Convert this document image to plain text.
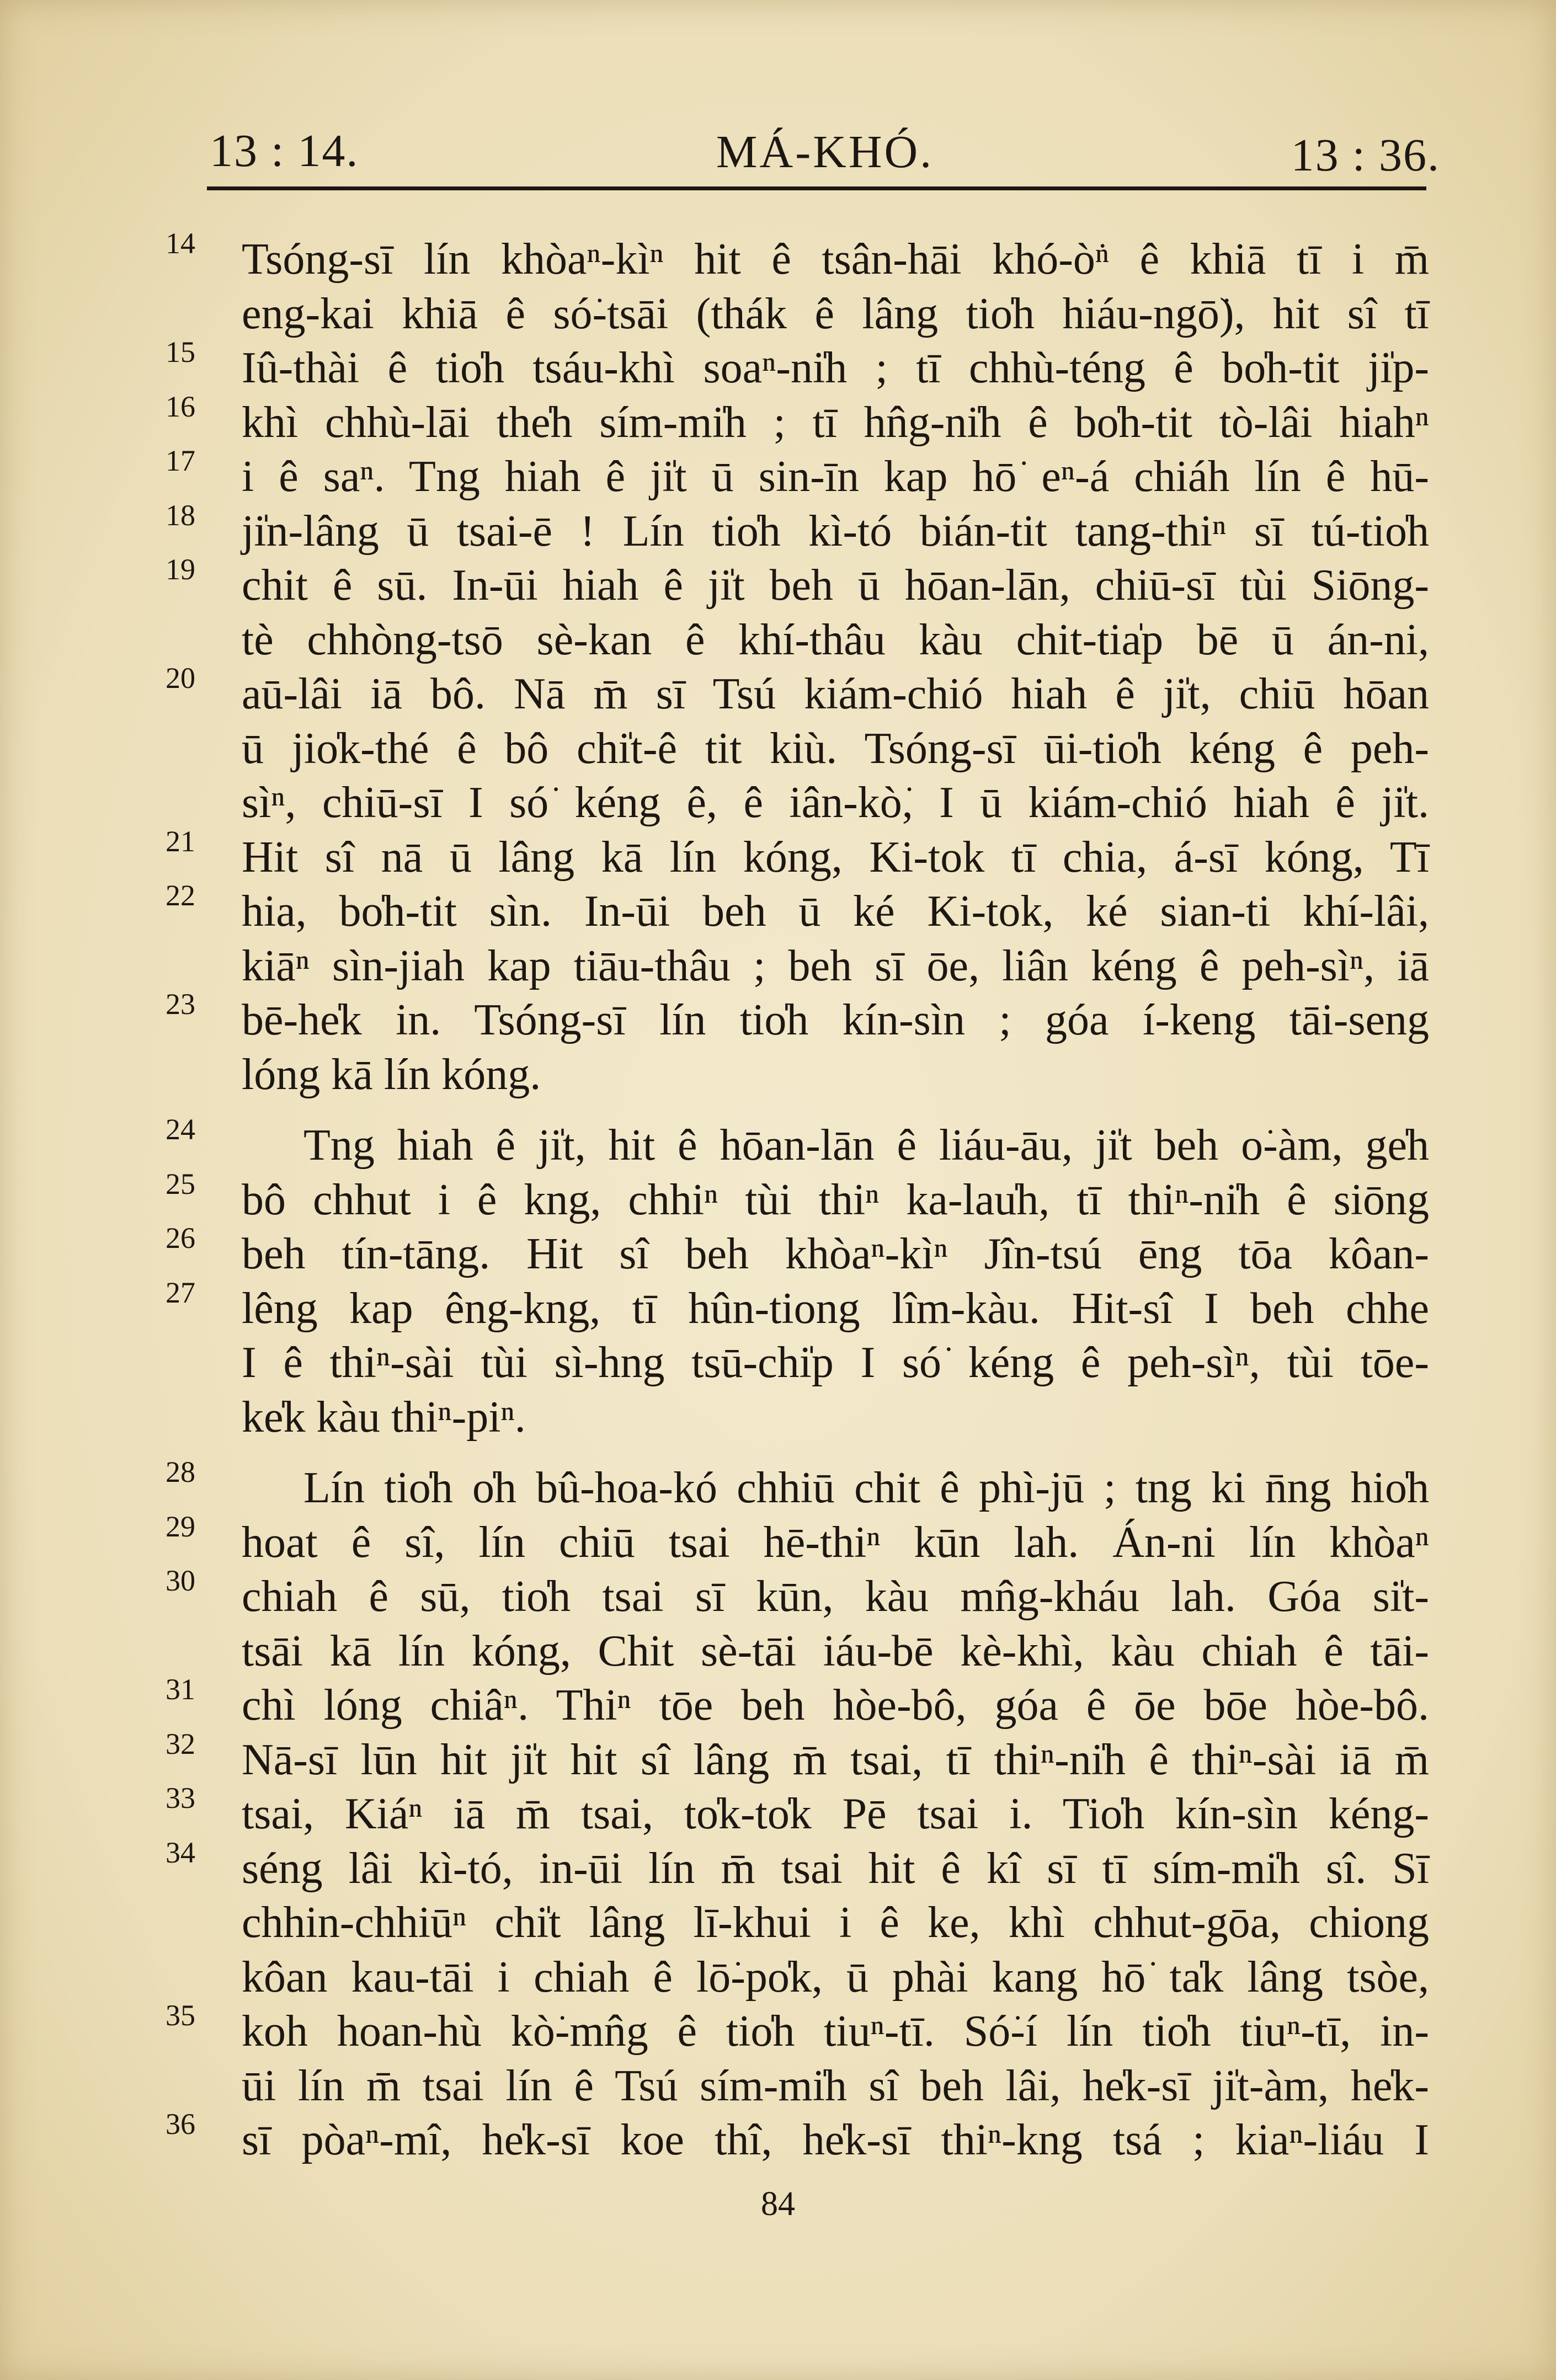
13 : 14.	MÁ-KHÓ.	13 : 36.
14	Tsóng-sī lín khòaⁿ-kìⁿ hit ê tsân-hāi khó-ò͘ⁿ ê khiā tī i m̄
eng-kai khiā ê só͘-tsāi (thák ê lâng tio̍h hiáu-ngō͘), hit sî tī
15	Iû-thài ê tio̍h tsáu-khì soaⁿ-ni̍h ; tī chhù-téng ê bo̍h-tit ji̍p-
16	khì chhù-lāi the̍h sím-mi̍h ; tī hn̂g-ni̍h ê bo̍h-tit tò-lâi hiahⁿ
17	i ê saⁿ. Tng hiah ê ji̍t ū sin-īn kap hō͘ eⁿ-á chiáh lín ê hū-
18	ji̍n-lâng ū tsai-ē ! Lín tio̍h kì-tó bián-tit tang-thiⁿ sī tú-tio̍h
19	chit ê sū. In-ūi hiah ê ji̍t beh ū hōan-lān, chiū-sī tùi Siōng-
tè chhòng-tsō sè-kan ê khí-thâu kàu chit-tia̍p bē ū án-ni,
20	aū-lâi iā bô. Nā m̄ sī Tsú kiám-chió hiah ê ji̍t, chiū hōan
ū jio̍k-thé ê bô chi̍t-ê tit kiù. Tsóng-sī ūi-tio̍h kéng ê peh-
sìⁿ, chiū-sī I só͘ kéng ê, ê iân-kò͘, I ū kiám-chió hiah ê ji̍t.
21	Hit sî nā ū lâng kā lín kóng, Ki-tok tī chia, á-sī kóng, Tī
22	hia, bo̍h-tit sìn. In-ūi beh ū ké Ki-tok, ké sian-ti khí-lâi,
kiāⁿ sìn-jiah kap tiāu-thâu ; beh sī ōe, liân kéng ê peh-sìⁿ, iā
23	bē-he̍k in. Tsóng-sī lín tio̍h kín-sìn ; góa í-keng tāi-seng
lóng kā lín kóng.
24	Tng hiah ê ji̍t, hit ê hōan-lān ê liáu-āu, ji̍t beh o͘-àm, ge̍h
25	bô chhut i ê kng, chhiⁿ tùi thiⁿ ka-lau̍h, tī thiⁿ-ni̍h ê siōng
26	beh tín-tāng. Hit sî beh khòaⁿ-kìⁿ Jîn-tsú ēng tōa kôan-
27	lêng kap êng-kng, tī hûn-tiong lîm-kàu. Hit-sî I beh chhe
I ê thiⁿ-sài tùi sì-hng tsū-chi̍p I só͘ kéng ê peh-sìⁿ, tùi tōe-
ke̍k kàu thiⁿ-piⁿ.
28	Lín tio̍h o̍h bû-hoa-kó chhiū chit ê phì-jū ; tng ki n̄ng hio̍h
29	hoat ê sî, lín chiū tsai hē-thiⁿ kūn lah. Án-ni lín khòaⁿ
30	chiah ê sū, tio̍h tsai sī kūn, kàu mn̂g-kháu lah. Góa si̍t-
tsāi kā lín kóng, Chit sè-tāi iáu-bē kè-khì, kàu chiah ê tāi-
31	chì lóng chiâⁿ. Thiⁿ tōe beh hòe-bô, góa ê ōe bōe hòe-bô.
32	Nā-sī lūn hit ji̍t hit sî lâng m̄ tsai, tī thiⁿ-ni̍h ê thiⁿ-sài iā m̄
33	tsai, Kiáⁿ iā m̄ tsai, to̍k-to̍k Pē tsai i. Tio̍h kín-sìn kéng-
34	séng lâi kì-tó, in-ūi lín m̄ tsai hit ê kî sī tī sím-mi̍h sî. Sī
chhin-chhiūⁿ chi̍t lâng lī-khui i ê ke, khì chhut-gōa, chiong
kôan kau-tāi i chiah ê lō͘-po̍k, ū phài kang hō͘ ta̍k lâng tsòe,
35	koh hoan-hù kò͘-mn̂g ê tio̍h tiuⁿ-tī. Só͘-í lín tio̍h tiuⁿ-tī, in-
ūi lín m̄ tsai lín ê Tsú sím-mi̍h sî beh lâi, he̍k-sī ji̍t-àm, he̍k-
36	sī pòaⁿ-mî, he̍k-sī koe thî, he̍k-sī thiⁿ-kng tsá ; kiaⁿ-liáu I
84
